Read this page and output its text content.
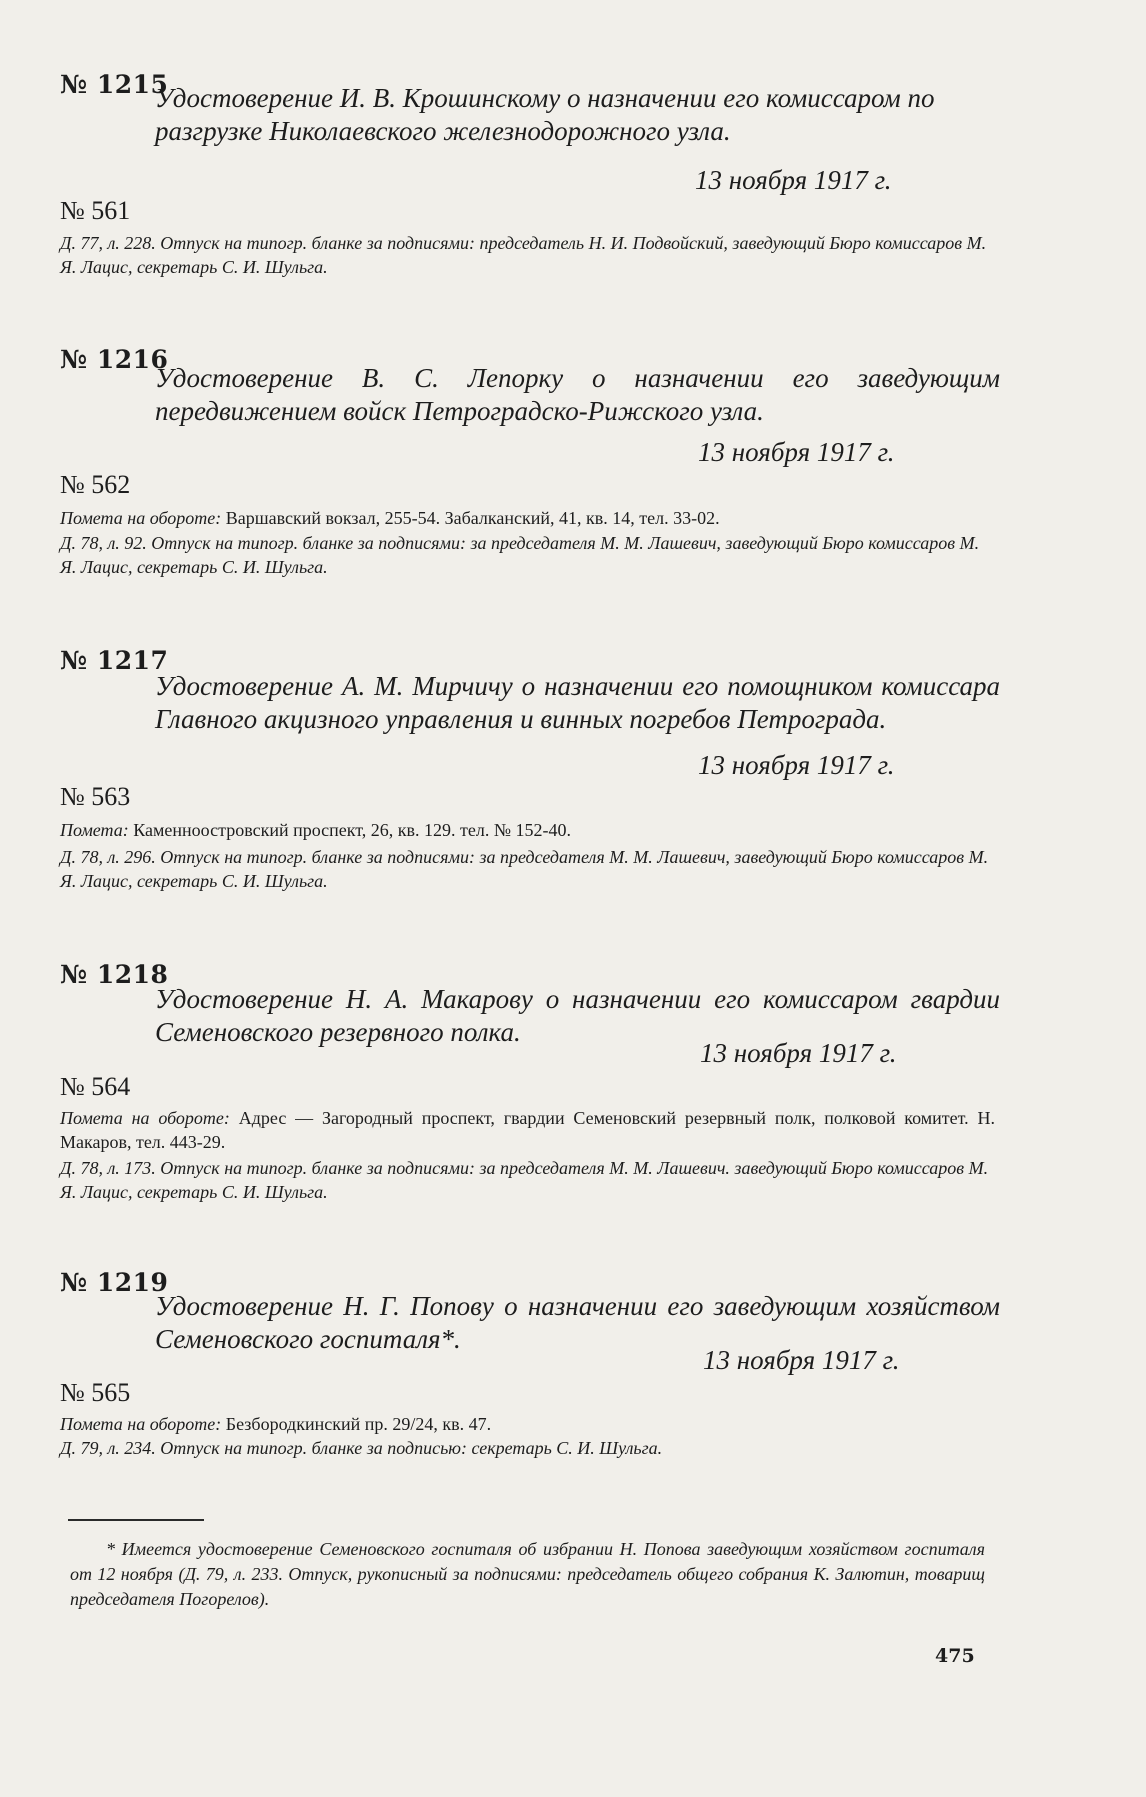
№ 1215
Удостоверение И. В. Крошинскому о назначении его комиссаром по разгрузке Николаевского железнодорожного узла.
13 ноября 1917 г.
№ 561
Д. 77, л. 228. Отпуск на типогр. бланке за подписями: председатель Н. И. Подвойский, заведующий Бюро комиссаров М. Я. Лацис, секретарь С. И. Шульга.
№ 1216
Удостоверение В. С. Лепорку о назначении его заведующим передвижением войск Петроградско-Рижского узла.
13 ноября 1917 г.
№ 562
Помета на обороте: Варшавский вокзал, 255-54. Забалканский, 41, кв. 14, тел. 33-02.
Д. 78, л. 92. Отпуск на типогр. бланке за подписями: за председателя М. М. Лашевич, заведующий Бюро комиссаров М. Я. Лацис, секретарь С. И. Шульга.
№ 1217
Удостоверение А. М. Мирчичу о назначении его помощником комиссара Главного акцизного управления и винных погребов Петрограда.
13 ноября 1917 г.
№ 563
Помета: Каменноостровский проспект, 26, кв. 129. тел. № 152-40.
Д. 78, л. 296. Отпуск на типогр. бланке за подписями: за председателя М. М. Лашевич, заведующий Бюро комиссаров М. Я. Лацис, секретарь С. И. Шульга.
№ 1218
Удостоверение Н. А. Макарову о назначении его комиссаром гвардии Семеновского резервного полка.
13 ноября 1917 г.
№ 564
Помета на обороте: Адрес — Загородный проспект, гвардии Семеновский резервный полк, полковой комитет. Н. Макаров, тел. 443-29.
Д. 78, л. 173. Отпуск на типогр. бланке за подписями: за председателя М. М. Лашевич. заведующий Бюро комиссаров М. Я. Лацис, секретарь С. И. Шульга.
№ 1219
Удостоверение Н. Г. Попову о назначении его заведующим хозяйством Семеновского госпиталя*.
13 ноября 1917 г.
№ 565
Помета на обороте: Безбородкинский пр. 29/24, кв. 47.
Д. 79, л. 234. Отпуск на типогр. бланке за подписью: секретарь С. И. Шульга.
* Имеется удостоверение Семеновского госпиталя об избрании Н. Попова заведующим хозяйством госпиталя от 12 ноября (Д. 79, л. 233. Отпуск, рукописный за подписями: председатель общего собрания К. Залютин, товарищ председателя Погорелов).
475
